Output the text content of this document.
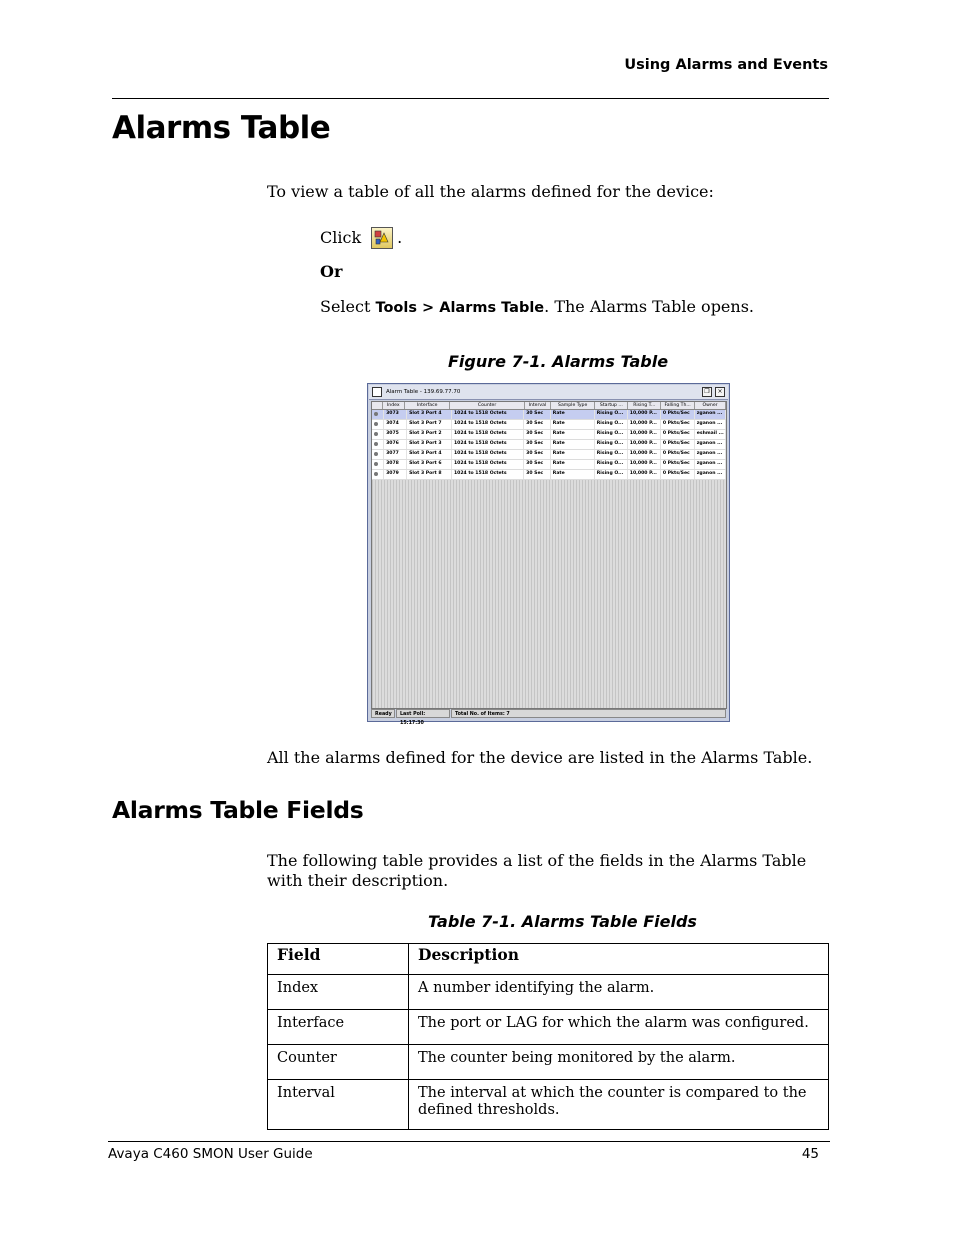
Using Alarms and Events
Alarms Table
To view a table of all the alarms defined for the device:
Click .
Or
Select Tools > Alarms Table. The Alarms Table opens.
Figure 7-1. Alarms Table
Alarm Table - 139.69.77.70	❐	×
Index	Interface	Counter	Interval	Sample Type	Startup ...	Rising T...	Falling Th...	Owner
3073	Slot 3 Port 4	1024 to 1518 Octets	30 Sec	Rate	Rising O...	10,000 P...	0 Pkts/Sec	zganon ...
3074	Slot 3 Port 7	1024 to 1518 Octets	30 Sec	Rate	Rising O...	10,000 P...	0 Pkts/Sec	zganon ...
3075	Slot 3 Port 2	1024 to 1518 Octets	30 Sec	Rate	Rising O...	10,000 P...	0 Pkts/Sec	eshmail ...
3076	Slot 3 Port 3	1024 to 1518 Octets	30 Sec	Rate	Rising O...	10,000 P...	0 Pkts/Sec	zganon ...
3077	Slot 3 Port 4	1024 to 1518 Octets	30 Sec	Rate	Rising O...	10,000 P...	0 Pkts/Sec	zganon ...
3078	Slot 3 Port 6	1024 to 1518 Octets	30 Sec	Rate	Rising O...	10,000 P...	0 Pkts/Sec	zganon ...
3079	Slot 3 Port 8	1024 to 1518 Octets	30 Sec	Rate	Rising O...	10,000 P...	0 Pkts/Sec	zganon ...
Ready	Last Poll: 15:17:30
Total No. of Items: 7
All the alarms defined for the device are listed in the Alarms Table.
Alarms Table Fields
The following table provides a list of the fields in the Alarms Table with their description.
Table 7-1. Alarms Table Fields
Field	Description
Index	A number identifying the alarm.
Interface	The port or LAG for which the alarm was configured.
Counter	The counter being monitored by the alarm.
Interval	The interval at which the counter is compared to the defined thresholds.
Avaya C460 SMON User Guide	45
